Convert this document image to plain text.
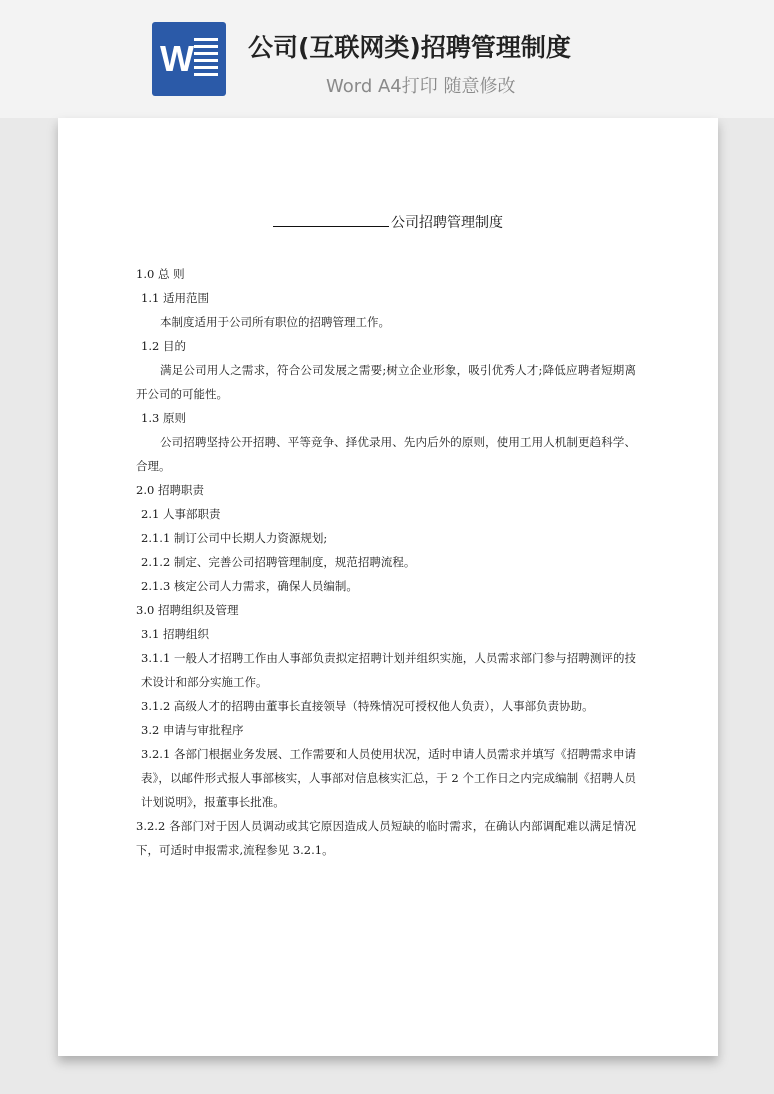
W 公司(互联网类)招聘管理制度
Word A4打印 随意修改

公司招聘管理制度
1.0 总 则
1.1 适用范围
本制度适用于公司所有职位的招聘管理工作。
1.2 目的
满足公司用人之需求，符合公司发展之需要;树立企业形象，吸引优秀人才;降低应聘者短期离开公司的可能性。
1.3 原则
公司招聘坚持公开招聘、平等竞争、择优录用、先内后外的原则，使用工用人机制更趋科学、合理。
2.0 招聘职责
2.1 人事部职责
2.1.1 制订公司中长期人力资源规划;
2.1.2 制定、完善公司招聘管理制度，规范招聘流程。
2.1.3 核定公司人力需求，确保人员编制。
3.0 招聘组织及管理
3.1 招聘组织
3.1.1 一般人才招聘工作由人事部负责拟定招聘计划并组织实施，人员需求部门参与招聘测评的技术设计和部分实施工作。
3.1.2 高级人才的招聘由董事长直接领导（特殊情况可授权他人负责），人事部负责协助。
3.2 申请与审批程序
3.2.1 各部门根据业务发展、工作需要和人员使用状况，适时申请人员需求并填写《招聘需求申请表》，以邮件形式报人事部核实，人事部对信息核实汇总，于 2 个工作日之内完成编制《招聘人员计划说明》，报董事长批准。
3.2.2 各部门对于因人员调动或其它原因造成人员短缺的临时需求，在确认内部调配难以满足情况下，可适时申报需求,流程参见 3.2.1。
